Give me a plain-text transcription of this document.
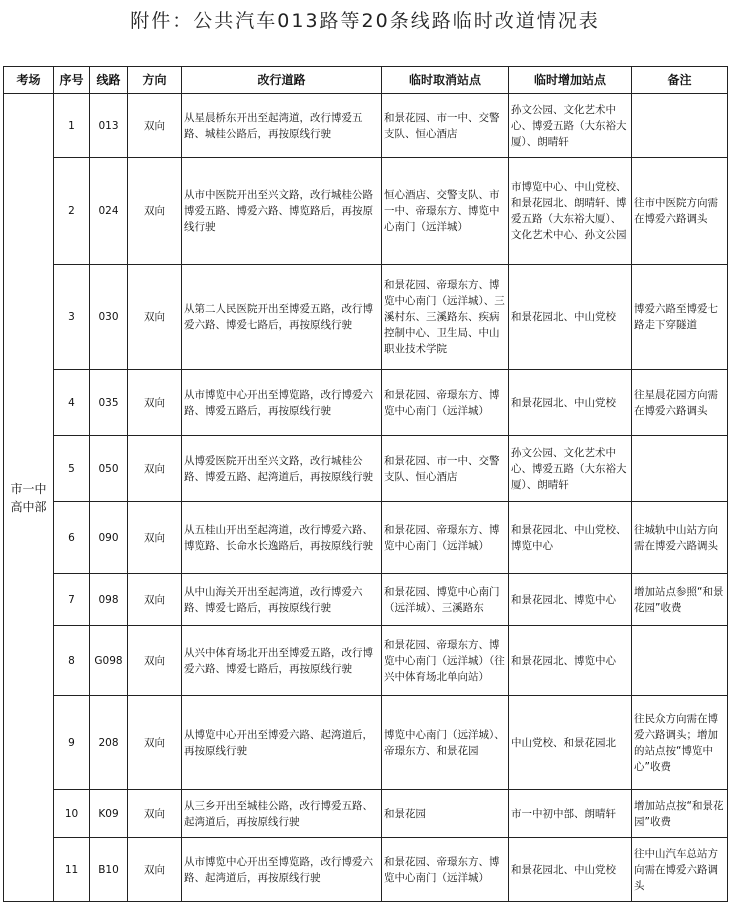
附件：公共汽车013路等20条线路临时改道情况表
考场	序号	线路	方向	改行道路	临时取消站点	临时增加站点	备注
市一中高中部	1	013	双向	从星晨桥东开出至起湾道，改行博爱五路、城桂公路后，再按原线行驶	和景花园、市一中、交警支队、恒心酒店	孙文公园、文化艺术中心、博爱五路（大东裕大厦）、朗晴轩	
	2	024	双向	从市中医院开出至兴文路，改行城桂公路博爱五路、博爱六路、博览路后，再按原线行驶	恒心酒店、交警支队、市一中、帝璟东方、博览中心南门（远洋城）	市博览中心、中山党校、和景花园北、朗晴轩、博爱五路（大东裕大厦）、文化艺术中心、孙文公园	往市中医院方向需在博爱六路调头
	3	030	双向	从第二人民医院开出至博爱五路，改行博爱六路、博爱七路后，再按原线行驶	和景花园、帝璟东方、博览中心南门（远洋城）、三溪村东、三溪路东、疾病控制中心、卫生局、中山职业技术学院	和景花园北、中山党校	博爱六路至博爱七路走下穿隧道
	4	035	双向	从市博览中心开出至博览路，改行博爱六路、博爱五路后，再按原线行驶	和景花园、帝璟东方、博览中心南门（远洋城）	和景花园北、中山党校	往星晨花园方向需在博爱六路调头
	5	050	双向	从博爱医院开出至兴文路，改行城桂公路、博爱五路、起湾道后，再按原线行驶	和景花园、市一中、交警支队、恒心酒店	孙文公园、文化艺术中心、博爱五路（大东裕大厦）、朗晴轩	
	6	090	双向	从五桂山开出至起湾道，改行博爱六路、博览路、长命水长逸路后，再按原线行驶	和景花园、帝璟东方、博览中心南门（远洋城）	和景花园北、中山党校、博览中心	往城轨中山站方向需在博爱六路调头
	7	098	双向	从中山海关开出至起湾道，改行博爱六路、博爱七路后，再按原线行驶	和景花园、博览中心南门（远洋城）、三溪路东	和景花园北、博览中心	增加站点参照“和景花园”收费
	8	G098	双向	从兴中体育场北开出至博爱五路，改行博爱六路、博爱七路后，再按原线行驶	和景花园、帝璟东方、博览中心南门（远洋城）（往兴中体育场北单向站）	和景花园北、博览中心	
	9	208	双向	从博览中心开出至博爱六路、起湾道后，再按原线行驶	博览中心南门（远洋城）、帝璟东方、和景花园	中山党校、和景花园北	往民众方向需在博爱六路调头；增加的站点按“博览中心”收费
	10	K09	双向	从三乡开出至城桂公路，改行博爱五路、起湾道后，再按原线行驶	和景花园	市一中初中部、朗晴轩	增加站点按“和景花园”收费
	11	B10	双向	从市博览中心开出至博览路，改行博爱六路、起湾道后，再按原线行驶	和景花园、帝璟东方、博览中心南门（远洋城）	和景花园北、中山党校	往中山汽车总站方向需在博爱六路调头
